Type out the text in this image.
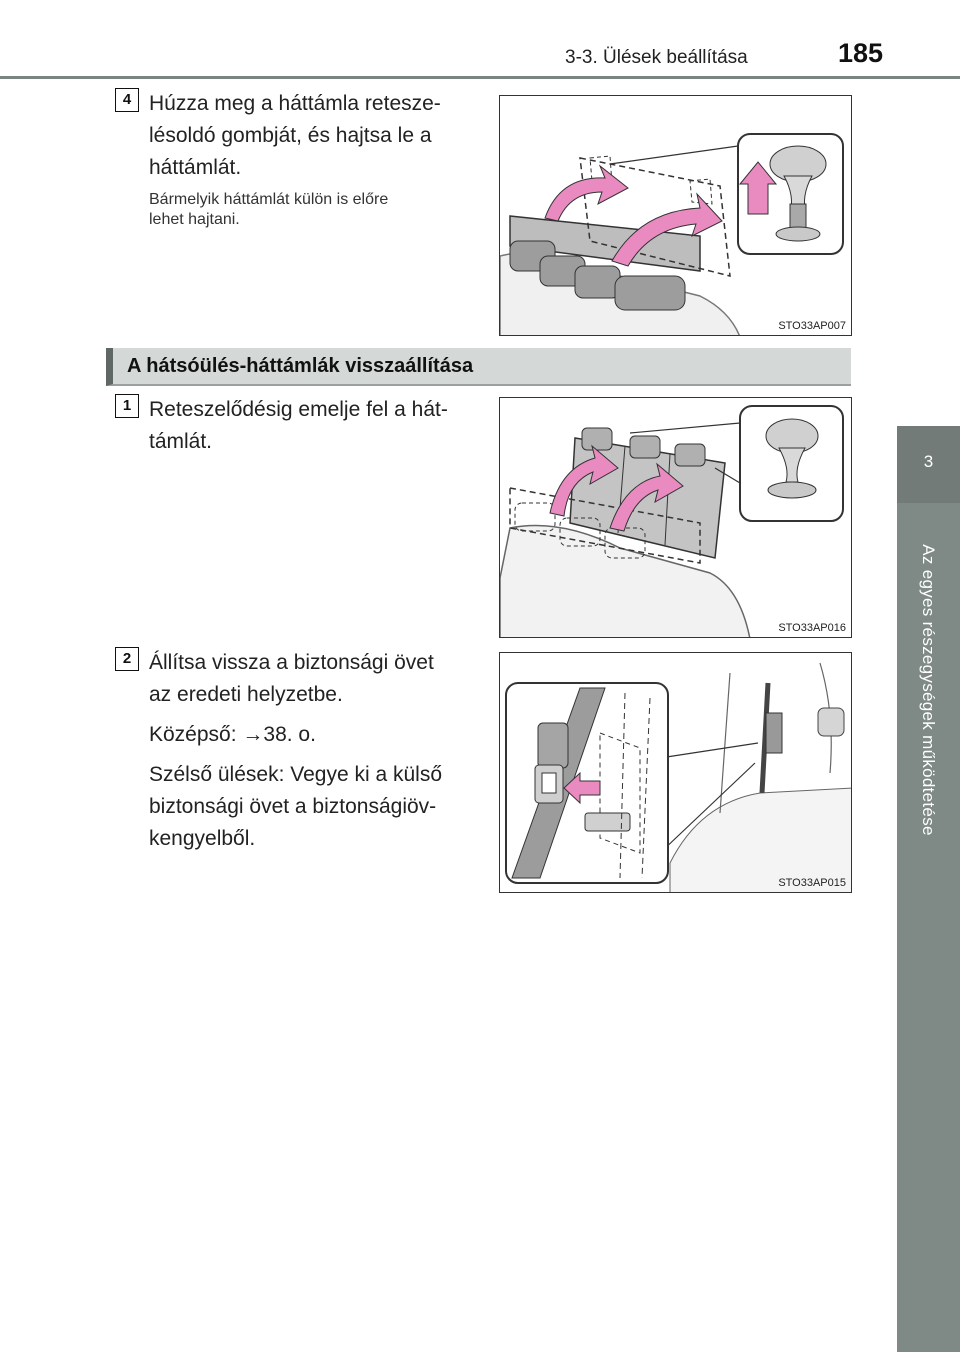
3-3. Ülések beállítása	185
3
Az egyes részegységek működtetése
4 Húzza meg a háttámla retesze-
lésoldó gombját, és hajtsa le a
háttámlát.
Bármelyik háttámlát külön is előre
lehet hajtani.
STO33AP007
A hátsóülés-háttámlák visszaállítása
1 Reteszelődésig emelje fel a hát-
támlát.
STO33AP016
2 Állítsa vissza a biztonsági övet
az eredeti helyzetbe.
Középső: →38. o.
Szélső ülések: Vegye ki a külső
biztonsági övet a biztonságiöv-
kengyelből.
STO33AP015
